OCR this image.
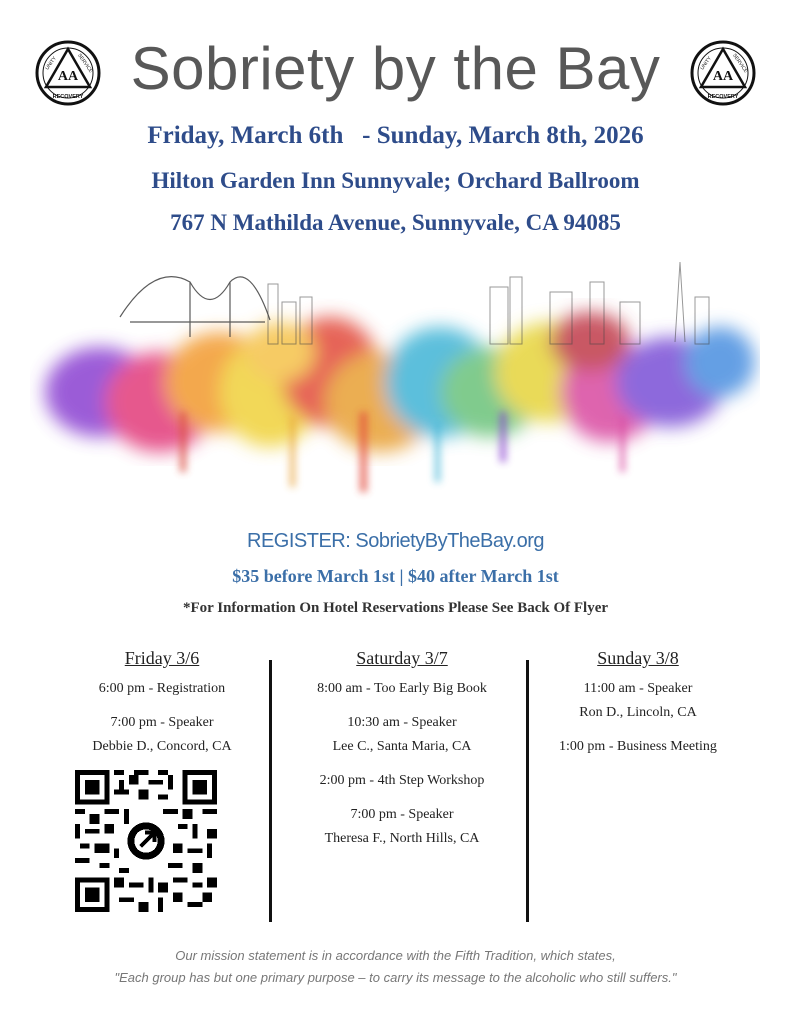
AA
RECOVERY
UNITY	SERVICE
AA
RECOVERY
UNITY	SERVICE
Sobriety by the Bay
Friday, March 6th   - Sunday, March 8th, 2026
Hilton Garden Inn Sunnyvale; Orchard Ballroom
767 N Mathilda Avenue, Sunnyvale, CA 94085
REGISTER: SobrietyByTheBay.org
$35 before March 1st | $40 after March 1st
*For Information On Hotel Reservations Please See Back Of Flyer
Friday 3/6
6:00 pm - Registration
7:00 pm - Speaker
Debbie D., Concord, CA
Saturday 3/7
8:00 am - Too Early Big Book
10:30 am - Speaker
Lee C., Santa Maria, CA
2:00 pm - 4th Step Workshop
7:00 pm - Speaker
Theresa F., North Hills, CA
Sunday 3/8
11:00 am - Speaker
Ron D., Lincoln, CA
1:00 pm - Business Meeting
Our mission statement is in accordance with the Fifth Tradition, which states,
"Each group has but one primary purpose – to carry its message to the alcoholic who still suffers."
